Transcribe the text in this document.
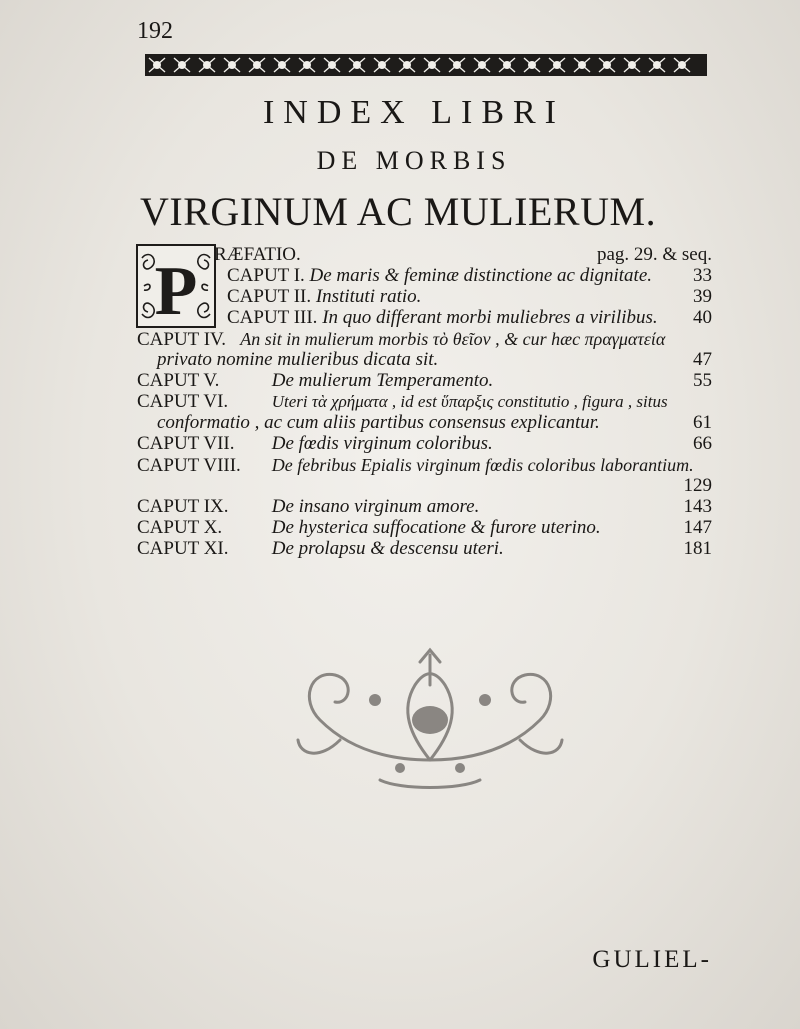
192
INDEX LIBRI
DE MORBIS
VIRGINUM AC MULIERUM.
P RÆFATIO.	pag. 29. & seq.
CAPUT I. De maris & feminæ distinctione ac dignitate. 33
CAPUT II. Instituti ratio.	39
CAPUT III. In quo differant morbi muliebres a virilibus. 40
CAPUT IV. An sit in mulierum morbis τὸ θεῖον , & cur hæc πραγματεία
privato nomine mulieribus dicata sit.	47
CAPUT V.	De mulierum Temperamento.	55
CAPUT VI.	Uteri τὰ χρήματα , id est ὕπαρξις constitutio , figura , situs
conformatio , ac cum aliis partibus consensus explicantur.	61
CAPUT VII. De fœdis virginum coloribus.	66
CAPUT VIII. De febribus Epialis virginum fœdis coloribus laborantium.
129
CAPUT IX. De insano virginum amore.	143
CAPUT X.	De hysterica suffocatione & furore uterino.	147
CAPUT XI. De prolapsu & descensu uteri.	181
GULIEL-
